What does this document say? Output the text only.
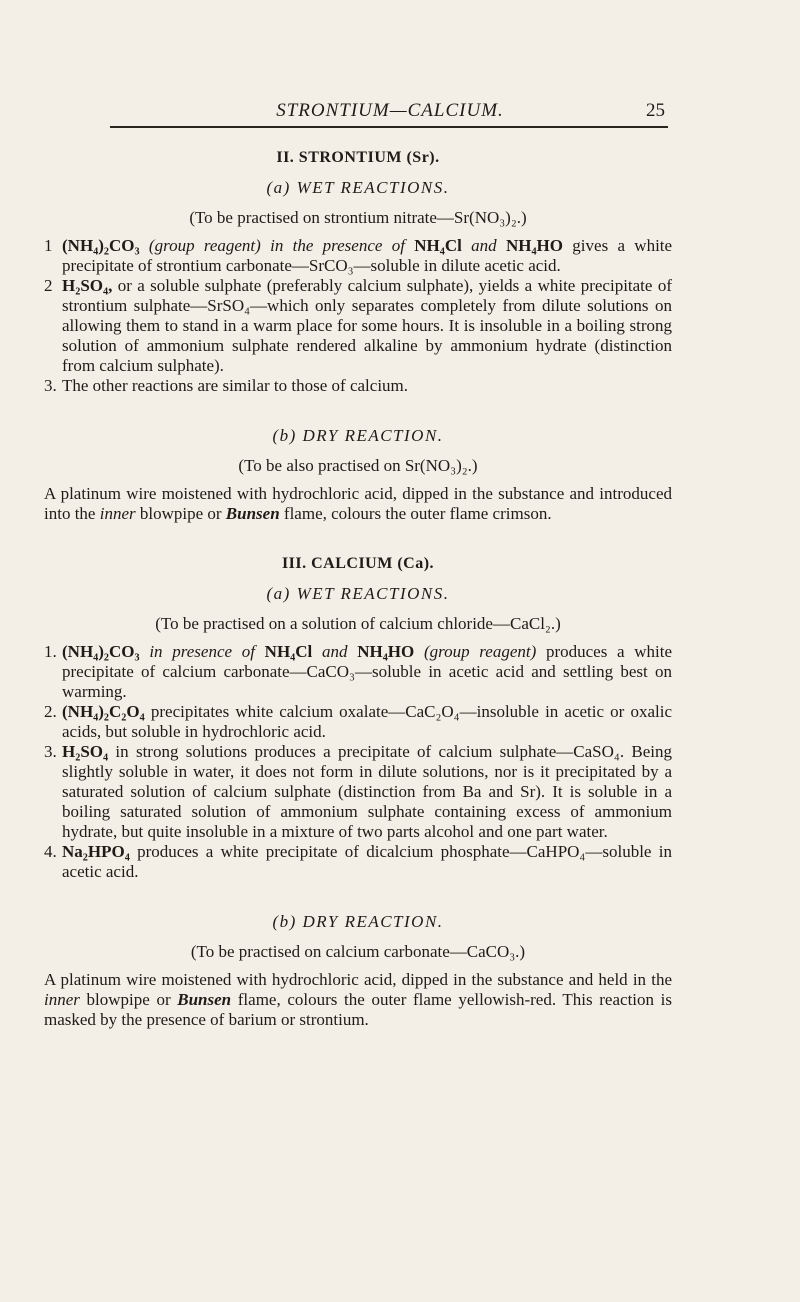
STRONTIUM—CALCIUM.	25
II. STRONTIUM (Sr).
(a) WET REACTIONS.
(To be practised on strontium nitrate—Sr(NO₃)₂.)
1 (NH₄)₂CO₃ (group reagent) in the presence of NH₄Cl and NH₄HO gives a white precipitate of strontium carbonate—SrCO₃—soluble in dilute acetic acid.
2 H₂SO₄, or a soluble sulphate (preferably calcium sulphate), yields a white precipitate of strontium sulphate—SrSO₄—which only separates completely from dilute solutions on allowing them to stand in a warm place for some hours. It is insoluble in a boiling strong solution of ammonium sulphate rendered alkaline by ammonium hydrate (distinction from calcium sulphate).
3. The other reactions are similar to those of calcium.
(b) DRY REACTION.
(To be also practised on Sr(NO₃)₂.)

A platinum wire moistened with hydrochloric acid, dipped in the substance and introduced into the inner blowpipe or Bunsen flame, colours the outer flame crimson.

III. CALCIUM (Ca).
(a) WET REACTIONS.
(To be practised on a solution of calcium chloride—CaCl₂.)
1. (NH₄)₂CO₃ in presence of NH₄Cl and NH₄HO (group reagent) produces a white precipitate of calcium carbonate—CaCO₃—soluble in acetic acid and settling best on warming.
2. (NH₄)₂C₂O₄ precipitates white calcium oxalate—CaC₂O₄—insoluble in acetic or oxalic acids, but soluble in hydrochloric acid.
3. H₂SO₄ in strong solutions produces a precipitate of calcium sulphate—CaSO₄. Being slightly soluble in water, it does not form in dilute solutions, nor is it precipitated by a saturated solution of calcium sulphate (distinction from Ba and Sr). It is soluble in a boiling saturated solution of ammonium sulphate containing excess of ammonium hydrate, but quite insoluble in a mixture of two parts alcohol and one part water.
4. Na₂HPO₄ produces a white precipitate of dicalcium phosphate—CaHPO₄—soluble in acetic acid.
(b) DRY REACTION.
(To be practised on calcium carbonate—CaCO₃.)

A platinum wire moistened with hydrochloric acid, dipped in the substance and held in the inner blowpipe or Bunsen flame, colours the outer flame yellowish-red. This reaction is masked by the presence of barium or strontium.
